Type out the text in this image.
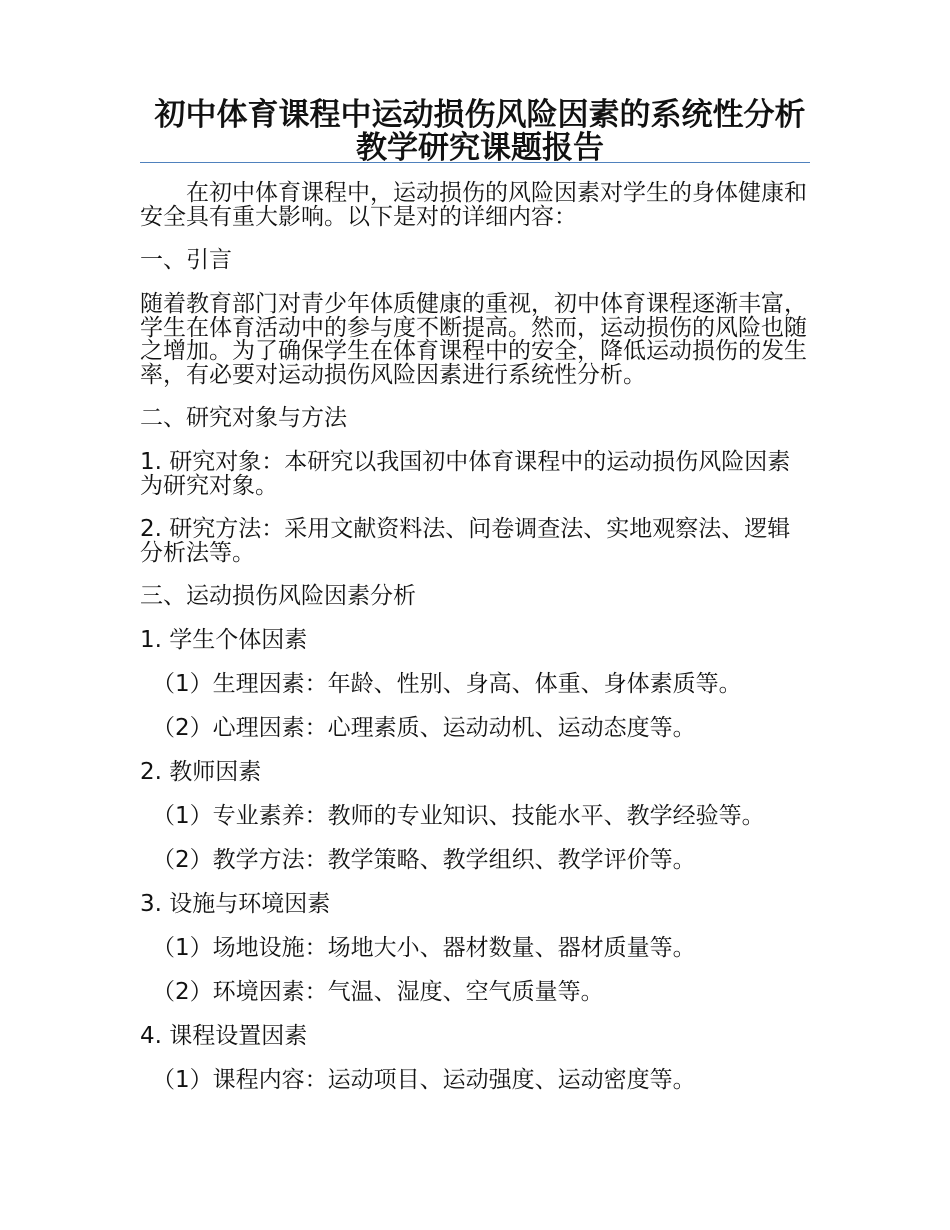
初中体育课程中运动损伤风险因素的系统性分析教学研究课题报告

在初中体育课程中，运动损伤的风险因素对学生的身体健康和安全具有重大影响。以下是对的详细内容：

一、引言

随着教育部门对青少年体质健康的重视，初中体育课程逐渐丰富，学生在体育活动中的参与度不断提高。然而，运动损伤的风险也随之增加。为了确保学生在体育课程中的安全，降低运动损伤的发生率，有必要对运动损伤风险因素进行系统性分析。

二、研究对象与方法

1. 研究对象：本研究以我国初中体育课程中的运动损伤风险因素为研究对象。

2. 研究方法：采用文献资料法、问卷调查法、实地观察法、逻辑分析法等。

三、运动损伤风险因素分析

1. 学生个体因素

（1）生理因素：年龄、性别、身高、体重、身体素质等。

（2）心理因素：心理素质、运动动机、运动态度等。

2. 教师因素

（1）专业素养：教师的专业知识、技能水平、教学经验等。

（2）教学方法：教学策略、教学组织、教学评价等。

3. 设施与环境因素

（1）场地设施：场地大小、器材数量、器材质量等。

（2）环境因素：气温、湿度、空气质量等。

4. 课程设置因素

（1）课程内容：运动项目、运动强度、运动密度等。
